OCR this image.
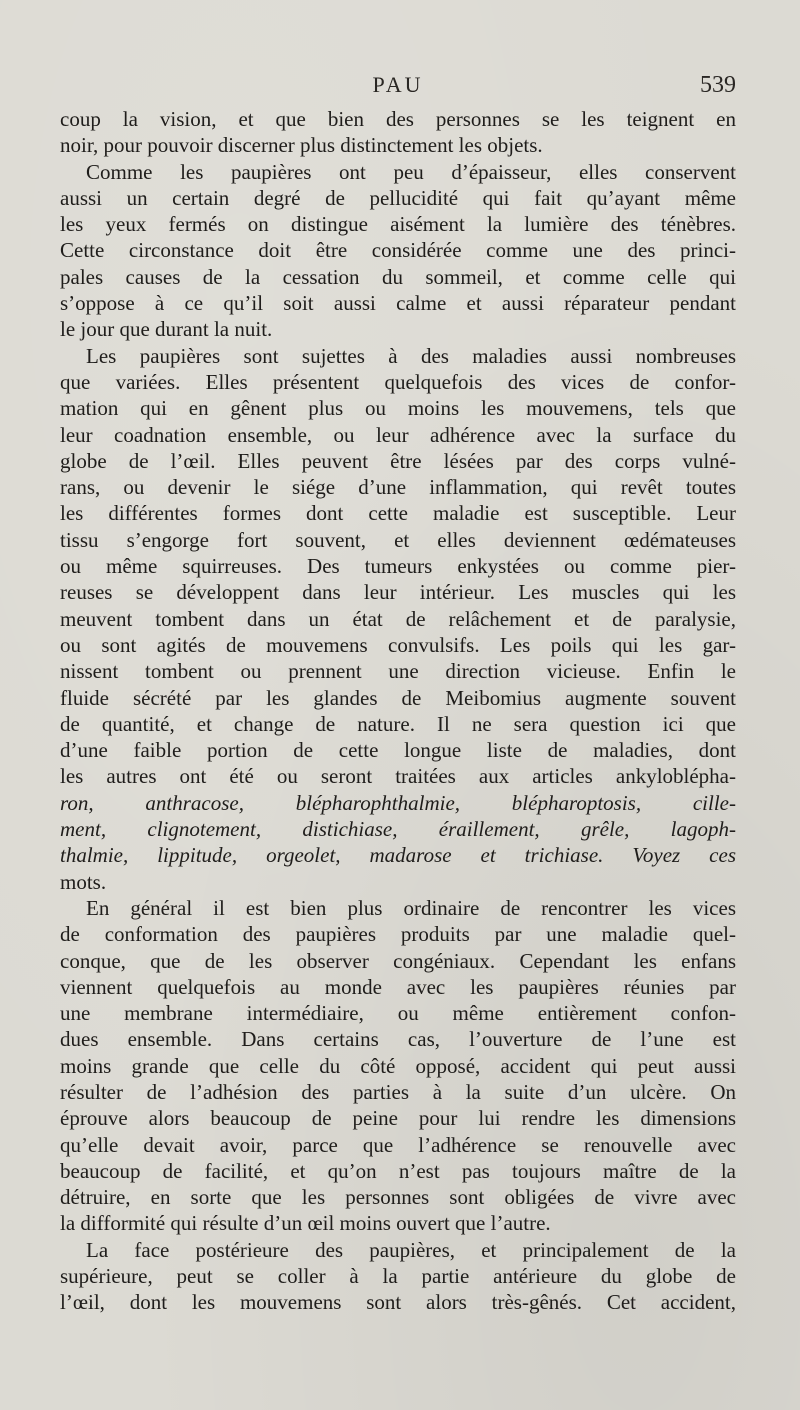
PAU	539
coup la vision, et que bien des personnes se les teignent en
noir, pour pouvoir discerner plus distinctement les objets.
Comme les paupières ont peu d’épaisseur, elles conservent
aussi un certain degré de pellucidité qui fait qu’ayant même
les yeux fermés on distingue aisément la lumière des ténèbres.
Cette circonstance doit être considérée comme une des princi-
pales causes de la cessation du sommeil, et comme celle qui
s’oppose à ce qu’il soit aussi calme et aussi réparateur pendant
le jour que durant la nuit.
Les paupières sont sujettes à des maladies aussi nombreuses
que variées. Elles présentent quelquefois des vices de confor-
mation qui en gênent plus ou moins les mouvemens, tels que
leur coadnation ensemble, ou leur adhérence avec la surface du
globe de l’œil. Elles peuvent être lésées par des corps vulné-
rans, ou devenir le siége d’une inflammation, qui revêt toutes
les différentes formes dont cette maladie est susceptible. Leur
tissu s’engorge fort souvent, et elles deviennent œdémateuses
ou même squirreuses. Des tumeurs enkystées ou comme pier-
reuses se développent dans leur intérieur. Les muscles qui les
meuvent tombent dans un état de relâchement et de paralysie,
ou sont agités de mouvemens convulsifs. Les poils qui les gar-
nissent tombent ou prennent une direction vicieuse. Enfin le
fluide sécrété par les glandes de Meibomius augmente souvent
de quantité, et change de nature. Il ne sera question ici que
d’une faible portion de cette longue liste de maladies, dont
les autres ont été ou seront traitées aux articles ankyloblépha-
ron, anthracose, blépharophthalmie, blépharoptosis, cille-
ment, clignotement, distichiase, éraillement, grêle, lagoph-
thalmie, lippitude, orgeolet, madarose et trichiase. Voyez ces
mots.
En général il est bien plus ordinaire de rencontrer les vices
de conformation des paupières produits par une maladie quel-
conque, que de les observer congéniaux. Cependant les enfans
viennent quelquefois au monde avec les paupières réunies par
une membrane intermédiaire, ou même entièrement confon-
dues ensemble. Dans certains cas, l’ouverture de l’une est
moins grande que celle du côté opposé, accident qui peut aussi
résulter de l’adhésion des parties à la suite d’un ulcère. On
éprouve alors beaucoup de peine pour lui rendre les dimensions
qu’elle devait avoir, parce que l’adhérence se renouvelle avec
beaucoup de facilité, et qu’on n’est pas toujours maître de la
détruire, en sorte que les personnes sont obligées de vivre avec
la difformité qui résulte d’un œil moins ouvert que l’autre.
La face postérieure des paupières, et principalement de la
supérieure, peut se coller à la partie antérieure du globe de
l’œil, dont les mouvemens sont alors très-gênés. Cet accident,
